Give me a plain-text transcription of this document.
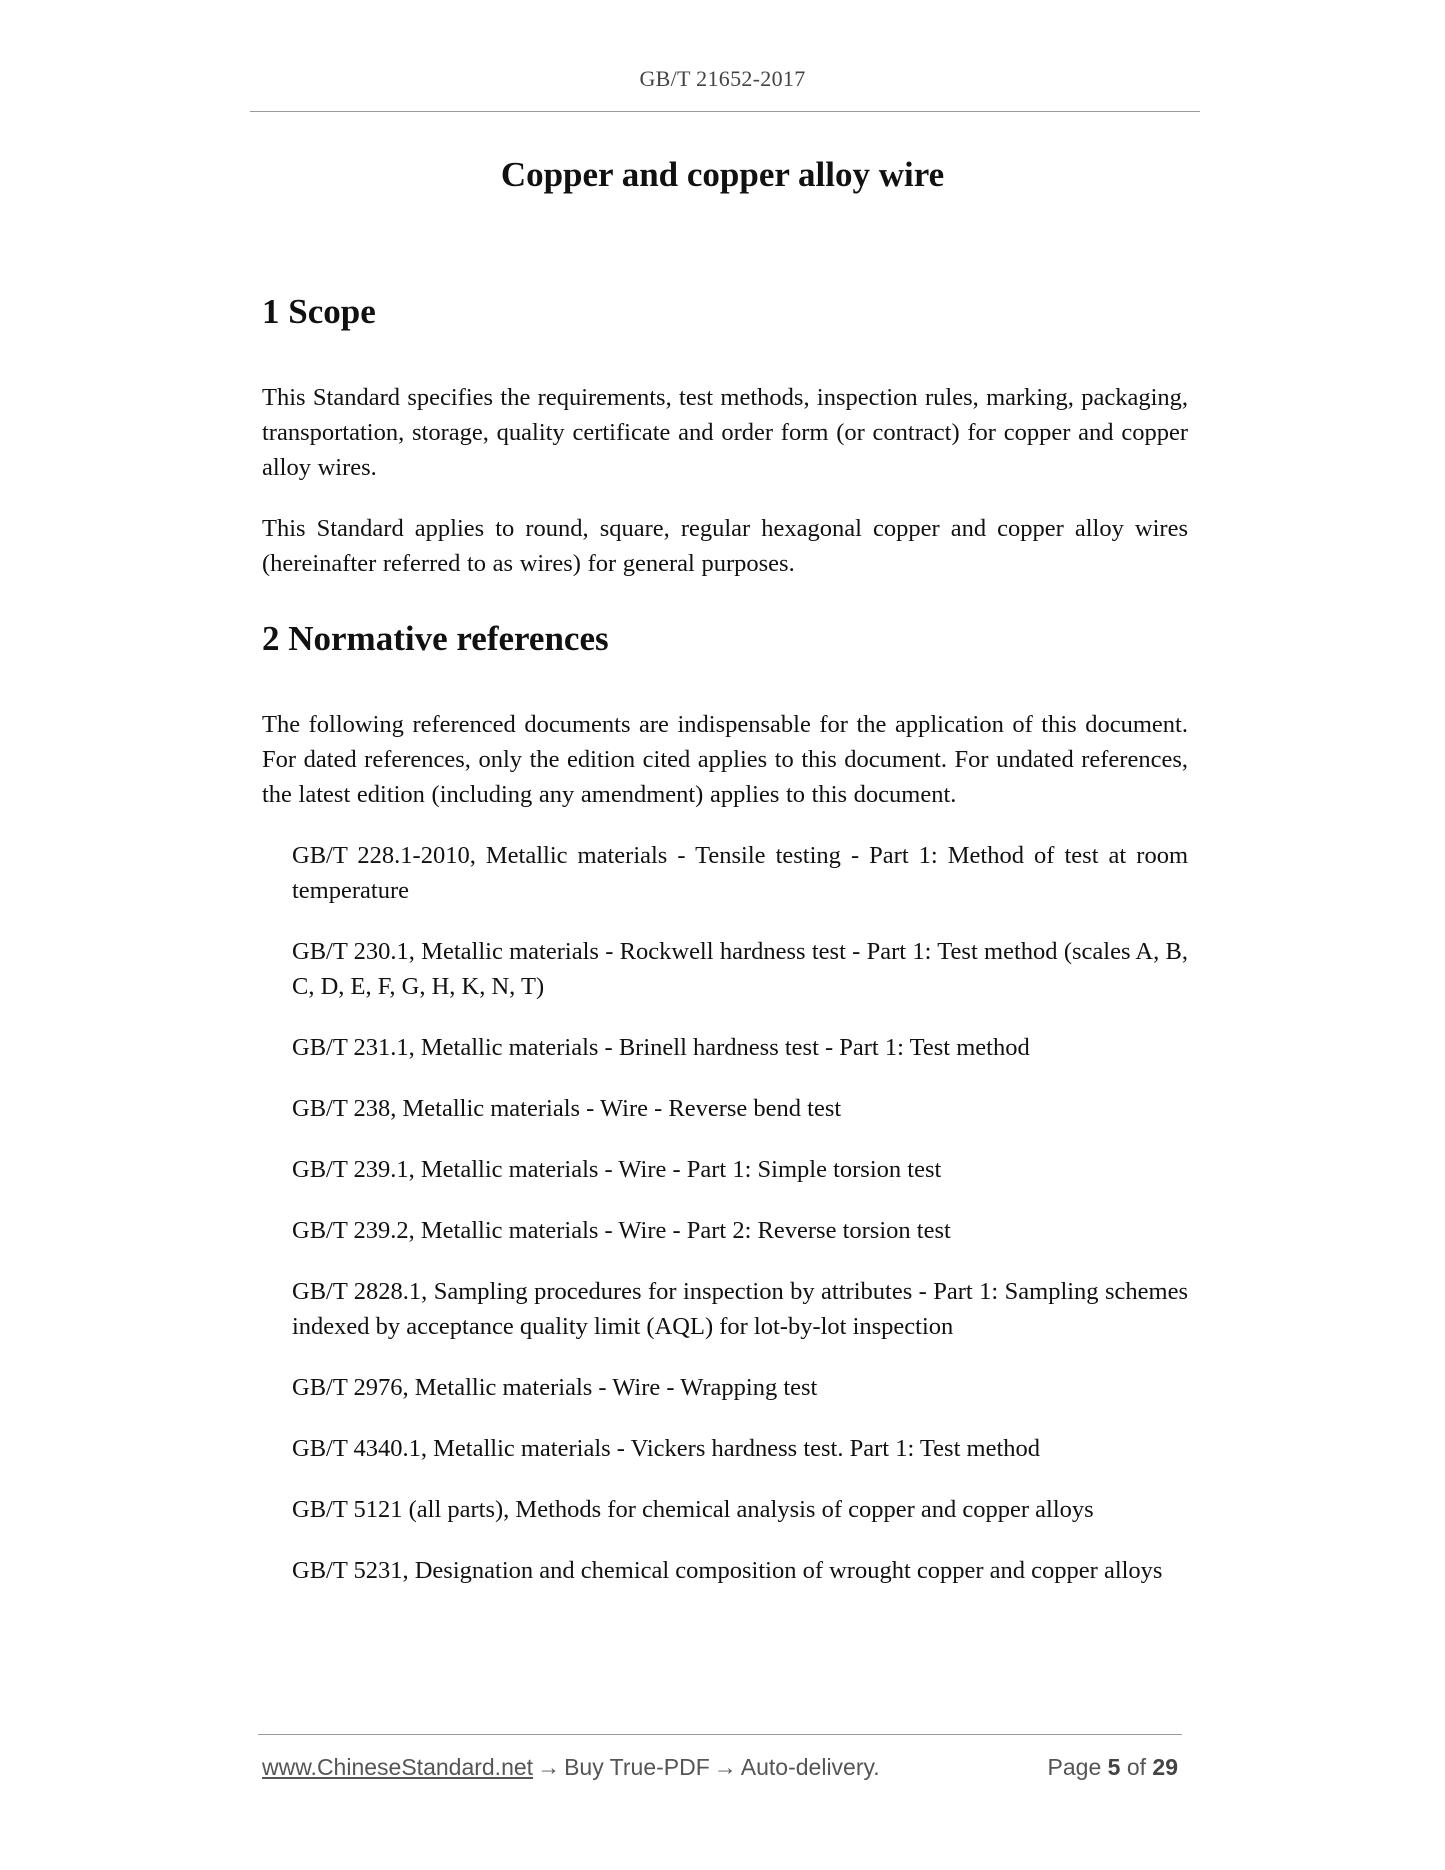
GB/T 21652-2017
Copper and copper alloy wire
1 Scope

This Standard specifies the requirements, test methods, inspection rules, marking, packaging, transportation, storage, quality certificate and order form (or contract) for copper and copper alloy wires.

This Standard applies to round, square, regular hexagonal copper and copper alloy wires (hereinafter referred to as wires) for general purposes.

2 Normative references

The following referenced documents are indispensable for the application of this document. For dated references, only the edition cited applies to this document. For undated references, the latest edition (including any amendment) applies to this document.

GB/T 228.1-2010, Metallic materials - Tensile testing - Part 1: Method of test at room temperature
GB/T 230.1, Metallic materials - Rockwell hardness test - Part 1: Test method (scales A, B, C, D, E, F, G, H, K, N, T)
GB/T 231.1, Metallic materials - Brinell hardness test - Part 1: Test method
GB/T 238, Metallic materials - Wire - Reverse bend test
GB/T 239.1, Metallic materials - Wire - Part 1: Simple torsion test
GB/T 239.2, Metallic materials - Wire - Part 2: Reverse torsion test
GB/T 2828.1, Sampling procedures for inspection by attributes - Part 1: Sampling schemes indexed by acceptance quality limit (AQL) for lot-by-lot inspection
GB/T 2976, Metallic materials - Wire - Wrapping test
GB/T 4340.1, Metallic materials - Vickers hardness test. Part 1: Test method
GB/T 5121 (all parts), Methods for chemical analysis of copper and copper alloys
GB/T 5231, Designation and chemical composition of wrought copper and copper alloys
www.ChineseStandard.net → Buy True-PDF → Auto-delivery.	Page 5 of 29
